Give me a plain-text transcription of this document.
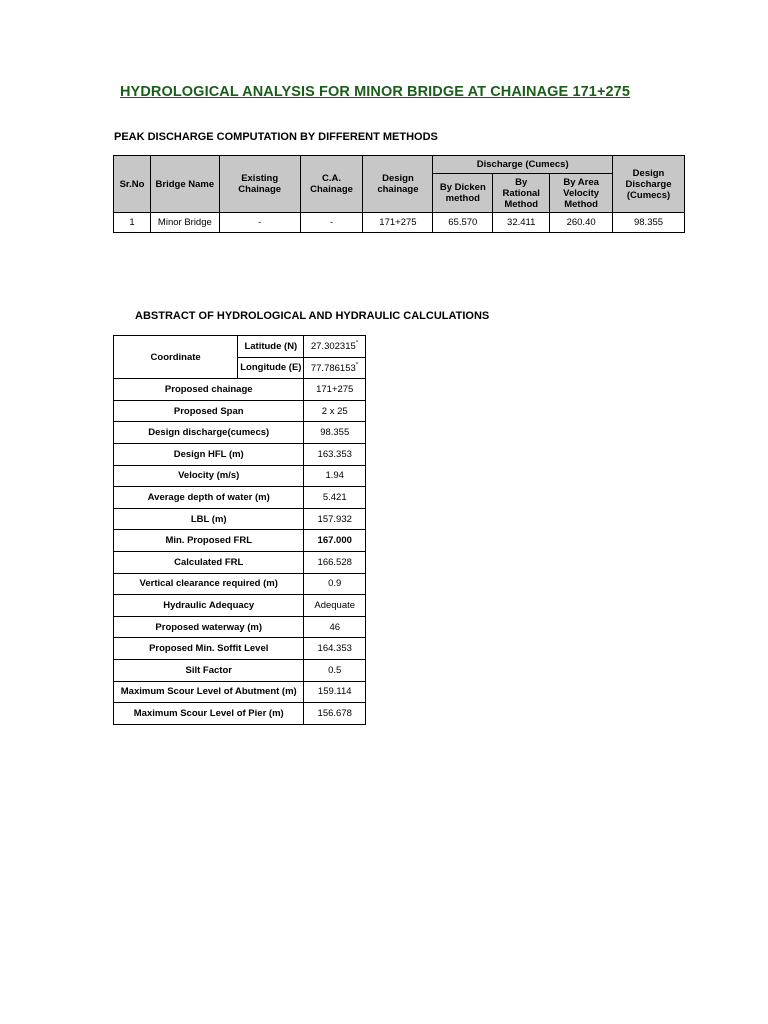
HYDROLOGICAL ANALYSIS FOR MINOR BRIDGE AT CHAINAGE 171+275
PEAK DISCHARGE COMPUTATION BY DIFFERENT METHODS
Sr.No	Bridge Name	Existing Chainage	C.A. Chainage	Design chainage	Discharge (Cumecs)			Design Discharge (Cumecs)
					By Dicken method	By Rational Method	By Area Velocity Method	
1	Minor Bridge	-	-	171+275	65.570	32.411	260.40	98.355
ABSTRACT OF HYDROLOGICAL AND HYDRAULIC CALCULATIONS
Coordinate	Latitude (N)	27.302315°
	Longitude (E)	77.786153°
Proposed chainage		171+275
Proposed Span		2 x 25
Design discharge(cumecs)		98.355
Design HFL (m)		163.353
Velocity (m/s)		1.94
Average depth of water (m)		5.421
LBL (m)		157.932
Min. Proposed FRL		167.000
Calculated FRL		166.528
Vertical clearance required (m)		0.9
Hydraulic Adequacy		Adequate
Proposed waterway (m)		46
Proposed Min. Soffit Level		164.353
Silt Factor		0.5
Maximum Scour Level of Abutment (m)		159.114
Maximum Scour Level of Pier (m)		156.678
